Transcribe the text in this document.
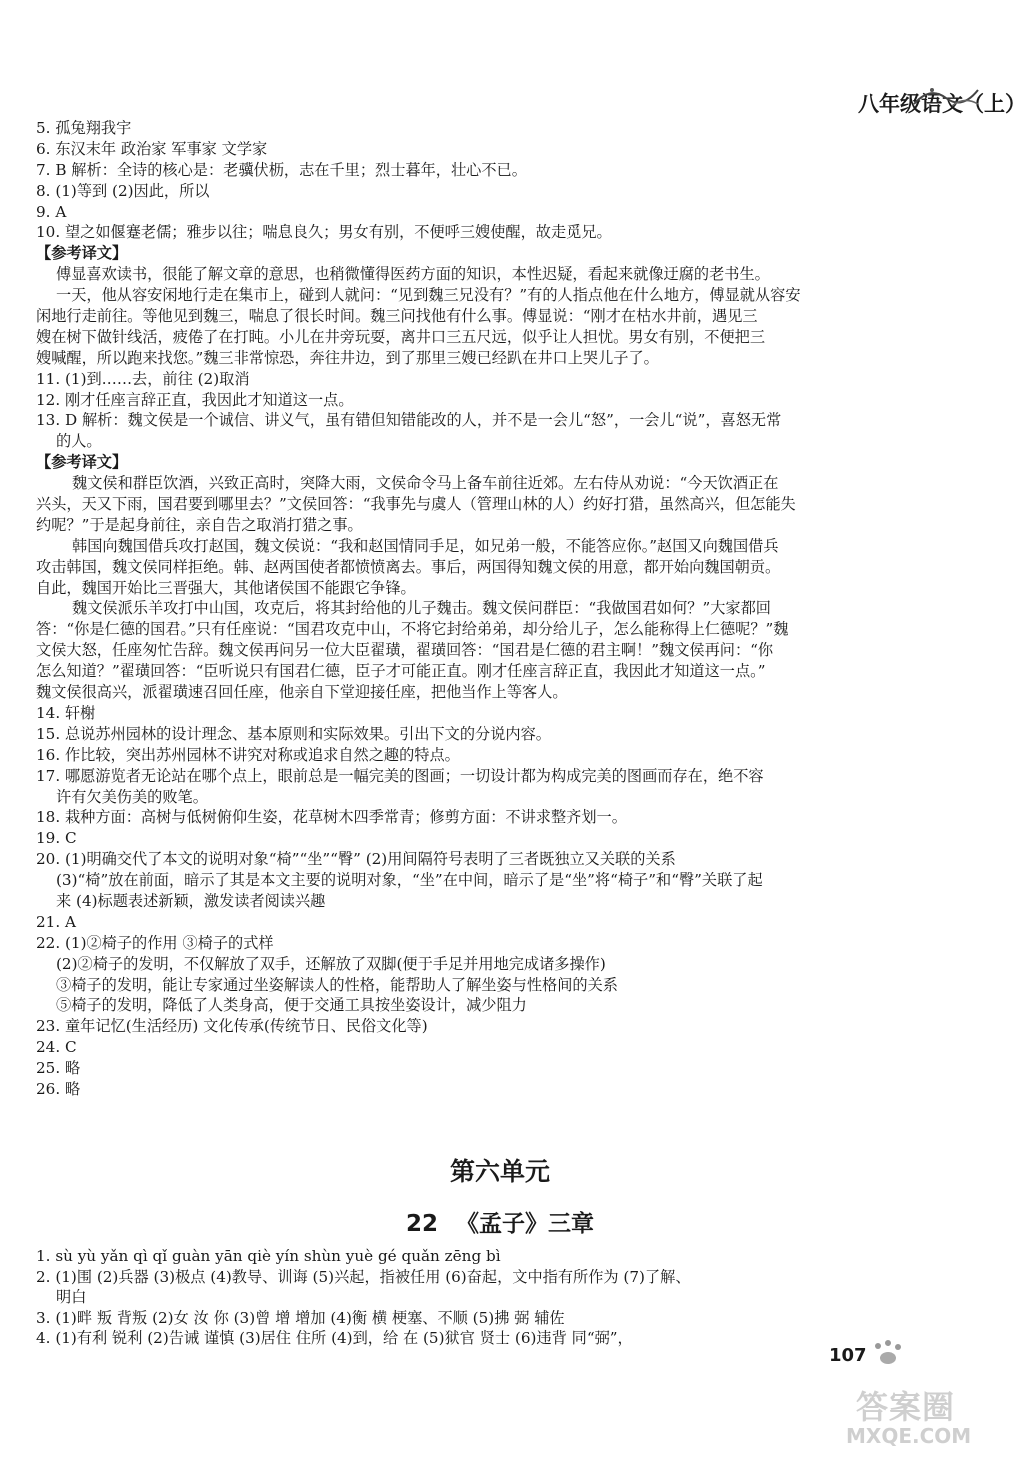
八年级语文（上）
5. 孤兔翔我宇
6. 东汉末年 政治家 军事家 文学家
7. B 解析：全诗的核心是：老骥伏枥，志在千里；烈士暮年，壮心不已。
8. (1)等到 (2)因此，所以
9. A
10. 望之如偃蹇老儒；雅步以往；喘息良久；男女有别，不便呼三嫂使醒，故走觅兄。
【参考译文】
傅显喜欢读书，很能了解文章的意思，也稍微懂得医药方面的知识，本性迟疑，看起来就像迂腐的老书生。
一天，他从容安闲地行走在集市上，碰到人就问：“见到魏三兄没有？”有的人指点他在什么地方，傅显就从容安
闲地行走前往。等他见到魏三，喘息了很长时间。魏三问找他有什么事。傅显说：“刚才在枯水井前，遇见三
嫂在树下做针线活，疲倦了在打盹。小儿在井旁玩耍，离井口三五尺远，似乎让人担忧。男女有别，不便把三
嫂喊醒，所以跑来找您。”魏三非常惊恐，奔往井边，到了那里三嫂已经趴在井口上哭儿子了。
11. (1)到……去，前往 (2)取消
12. 刚才任座言辞正直，我因此才知道这一点。
13. D 解析：魏文侯是一个诚信、讲义气，虽有错但知错能改的人，并不是一会儿“怒”，一会儿“说”，喜怒无常
的人。
【参考译文】
魏文侯和群臣饮酒，兴致正高时，突降大雨，文侯命令马上备车前往近郊。左右侍从劝说：“今天饮酒正在
兴头，天又下雨，国君要到哪里去？”文侯回答：“我事先与虞人（管理山林的人）约好打猎，虽然高兴，但怎能失
约呢？”于是起身前往，亲自告之取消打猎之事。
韩国向魏国借兵攻打赵国，魏文侯说：“我和赵国情同手足，如兄弟一般，不能答应你。”赵国又向魏国借兵
攻击韩国，魏文侯同样拒绝。韩、赵两国使者都愤愤离去。事后，两国得知魏文侯的用意，都开始向魏国朝贡。
自此，魏国开始比三晋强大，其他诸侯国不能跟它争锋。
魏文侯派乐羊攻打中山国，攻克后，将其封给他的儿子魏击。魏文侯问群臣：“我做国君如何？”大家都回
答：“你是仁德的国君。”只有任座说：“国君攻克中山，不将它封给弟弟，却分给儿子，怎么能称得上仁德呢？”魏
文侯大怒，任座匆忙告辞。魏文侯再问另一位大臣翟璜，翟璜回答：“国君是仁德的君主啊！”魏文侯再问：“你
怎么知道？”翟璜回答：“臣听说只有国君仁德，臣子才可能正直。刚才任座言辞正直，我因此才知道这一点。”
魏文侯很高兴，派翟璜速召回任座，他亲自下堂迎接任座，把他当作上等客人。
14. 轩榭
15. 总说苏州园林的设计理念、基本原则和实际效果。引出下文的分说内容。
16. 作比较，突出苏州园林不讲究对称或追求自然之趣的特点。
17. 哪愿游览者无论站在哪个点上，眼前总是一幅完美的图画；一切设计都为构成完美的图画而存在，绝不容
许有欠美伤美的败笔。
18. 栽种方面：高树与低树俯仰生姿，花草树木四季常青；修剪方面：不讲求整齐划一。
19. C
20. (1)明确交代了本文的说明对象“椅”“坐”“臀” (2)用间隔符号表明了三者既独立又关联的关系
(3)“椅”放在前面，暗示了其是本文主要的说明对象，“坐”在中间，暗示了是“坐”将“椅子”和“臀”关联了起
来 (4)标题表述新颖，激发读者阅读兴趣
21. A
22. (1)②椅子的作用 ③椅子的式样
(2)②椅子的发明，不仅解放了双手，还解放了双脚(便于手足并用地完成诸多操作)
③椅子的发明，能让专家通过坐姿解读人的性格，能帮助人了解坐姿与性格间的关系
⑤椅子的发明，降低了人类身高，便于交通工具按坐姿设计，减少阻力
23. 童年记忆(生活经历) 文化传承(传统节日、民俗文化等)
24. C
25. 略
26. 略
第六单元
22 《孟子》三章
1. sù yù yǎn qì qǐ guàn yān qiè yín shùn yuè gé quǎn zēng bì
2. (1)围 (2)兵器 (3)极点 (4)教导、训诲 (5)兴起，指被任用 (6)奋起，文中指有所作为 (7)了解、
明白
3. (1)畔 叛 背叛 (2)女 汝 你 (3)曾 增 增加 (4)衡 横 梗塞、不顺 (5)拂 弼 辅佐
4. (1)有利 锐利 (2)告诫 谨慎 (3)居住 住所 (4)到，给 在 (5)狱官 贤士 (6)违背 同“弼”，
107
答案圈
MXQE.COM
